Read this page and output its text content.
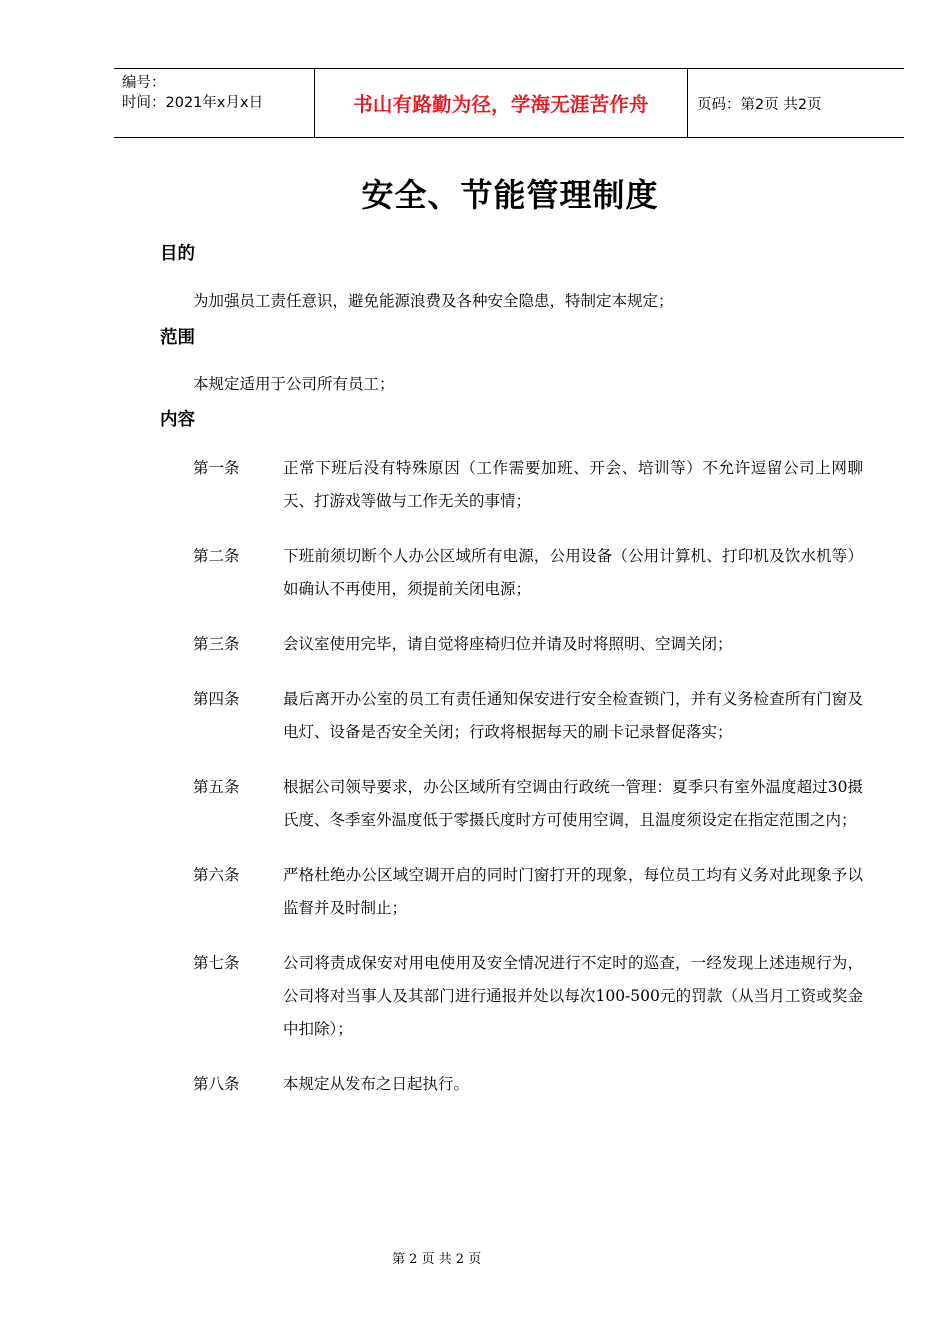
编号：
时间：2021年x月x日	书山有路勤为径，学海无涯苦作舟	页码：第2页 共2页
安全、节能管理制度
目的
为加强员工责任意识，避免能源浪费及各种安全隐患，特制定本规定；
范围
本规定适用于公司所有员工；
内容
第一条	正常下班后没有特殊原因（工作需要加班、开会、培训等）不允许逗留公司上网聊天、打游戏等做与工作无关的事情；
第二条	下班前须切断个人办公区域所有电源，公用设备（公用计算机、打印机及饮水机等）如确认不再使用，须提前关闭电源；
第三条	会议室使用完毕，请自觉将座椅归位并请及时将照明、空调关闭；
第四条	最后离开办公室的员工有责任通知保安进行安全检查锁门，并有义务检查所有门窗及电灯、设备是否安全关闭；行政将根据每天的刷卡记录督促落实；
第五条	根据公司领导要求，办公区域所有空调由行政统一管理：夏季只有室外温度超过30摄氏度、冬季室外温度低于零摄氏度时方可使用空调，且温度须设定在指定范围之内；
第六条	严格杜绝办公区域空调开启的同时门窗打开的现象，每位员工均有义务对此现象予以监督并及时制止；
第七条	公司将责成保安对用电使用及安全情况进行不定时的巡查，一经发现上述违规行为，公司将对当事人及其部门进行通报并处以每次100-500元的罚款（从当月工资或奖金中扣除）；
第八条	本规定从发布之日起执行。
第 2 页 共 2 页
